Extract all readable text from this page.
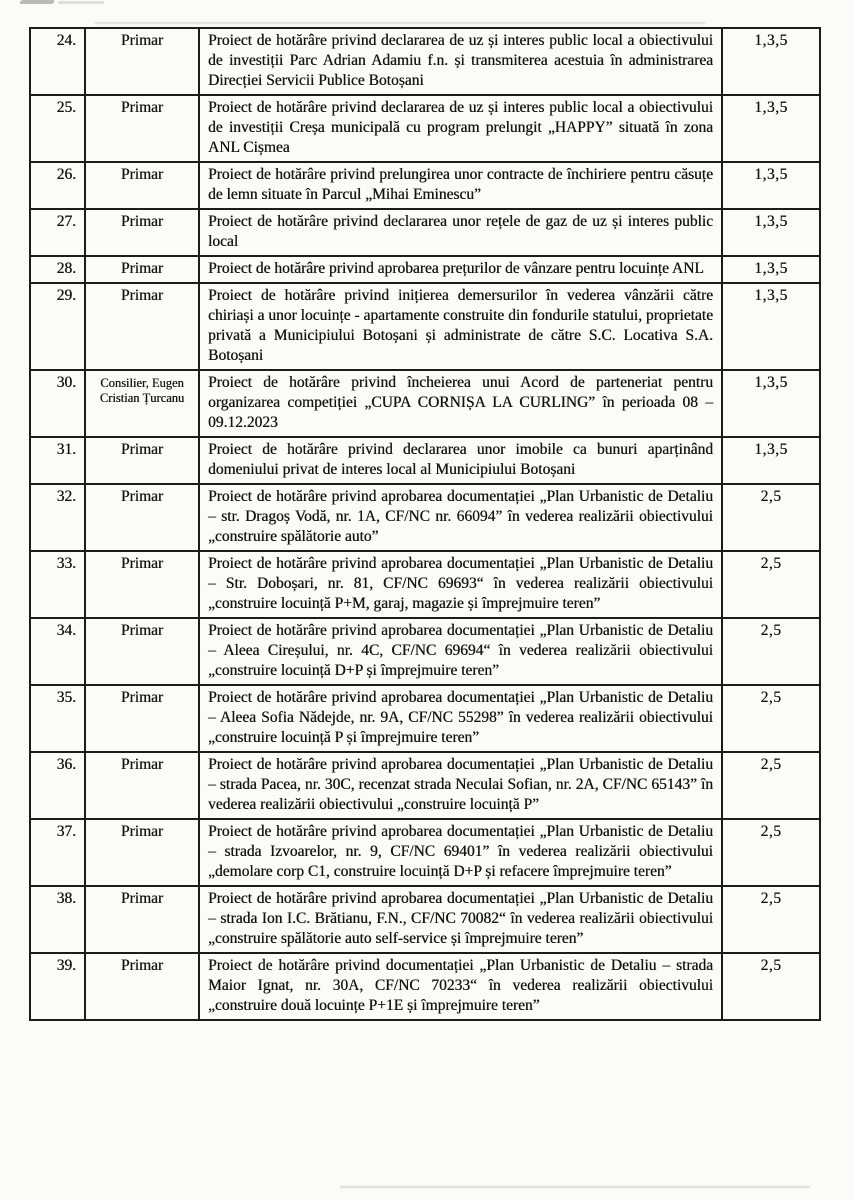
24.	Primar	Proiect de hotărâre privind declararea de uz și interes public local a obiectivului de investiții Parc Adrian Adamiu f.n. și transmiterea acestuia în administrarea Direcției Servicii Publice Botoșani	1,3,5
25.	Primar	Proiect de hotărâre privind declararea de uz și interes public local a obiectivului de investiții Creșa municipală cu program prelungit „HAPPY” situată în zona ANL Cișmea	1,3,5
26.	Primar	Proiect de hotărâre privind prelungirea unor contracte de închiriere pentru căsuțe de lemn situate în Parcul „Mihai Eminescu”	1,3,5
27.	Primar	Proiect de hotărâre privind declararea unor rețele de gaz de uz și interes public local	1,3,5
28.	Primar	Proiect de hotărâre privind aprobarea prețurilor de vânzare pentru locuințe ANL	1,3,5
29.	Primar	Proiect de hotărâre privind inițierea demersurilor în vederea vânzării către chiriași a unor locuințe - apartamente construite din fondurile statului, proprietate privată a Municipiului Botoșani și administrate de către S.C. Locativa S.A. Botoșani	1,3,5
30.	Consilier, Eugen Cristian Țurcanu	Proiect de hotărâre privind încheierea unui Acord de parteneriat pentru organizarea competiției „CUPA CORNIȘA LA CURLING” în perioada 08 – 09.12.2023	1,3,5
31.	Primar	Proiect de hotărâre privind declararea unor imobile ca bunuri aparținând domeniului privat de interes local al Municipiului Botoșani	1,3,5
32.	Primar	Proiect de hotărâre privind aprobarea documentației „Plan Urbanistic de Detaliu – str. Dragoș Vodă, nr. 1A, CF/NC nr. 66094” în vederea realizării obiectivului „construire spălătorie auto”	2,5
33.	Primar	Proiect de hotărâre privind aprobarea documentației „Plan Urbanistic de Detaliu – Str. Doboșari, nr. 81, CF/NC 69693“ în vederea realizării obiectivului „construire locuință P+M, garaj, magazie și împrejmuire teren”	2,5
34.	Primar	Proiect de hotărâre privind aprobarea documentației „Plan Urbanistic de Detaliu – Aleea Cireșului, nr. 4C, CF/NC 69694“ în vederea realizării obiectivului „construire locuință D+P și împrejmuire teren”	2,5
35.	Primar	Proiect de hotărâre privind aprobarea documentației „Plan Urbanistic de Detaliu – Aleea Sofia Nădejde, nr. 9A, CF/NC 55298” în vederea realizării obiectivului „construire locuință P și împrejmuire teren”	2,5
36.	Primar	Proiect de hotărâre privind aprobarea documentației „Plan Urbanistic de Detaliu – strada Pacea, nr. 30C, recenzat strada Neculai Sofian, nr. 2A, CF/NC 65143” în vederea realizării obiectivului „construire locuință P”	2,5
37.	Primar	Proiect de hotărâre privind aprobarea documentației „Plan Urbanistic de Detaliu – strada Izvoarelor, nr. 9, CF/NC 69401” în vederea realizării obiectivului „demolare corp C1, construire locuință D+P și refacere împrejmuire teren”	2,5
38.	Primar	Proiect de hotărâre privind aprobarea documentației „Plan Urbanistic de Detaliu – strada Ion I.C. Brătianu, F.N., CF/NC 70082“ în vederea realizării obiectivului „construire spălătorie auto self-service și împrejmuire teren”	2,5
39.	Primar	Proiect de hotărâre privind documentației „Plan Urbanistic de Detaliu – strada Maior Ignat, nr. 30A, CF/NC 70233“ în vederea realizării obiectivului „construire două locuințe P+1E și împrejmuire teren”	2,5
